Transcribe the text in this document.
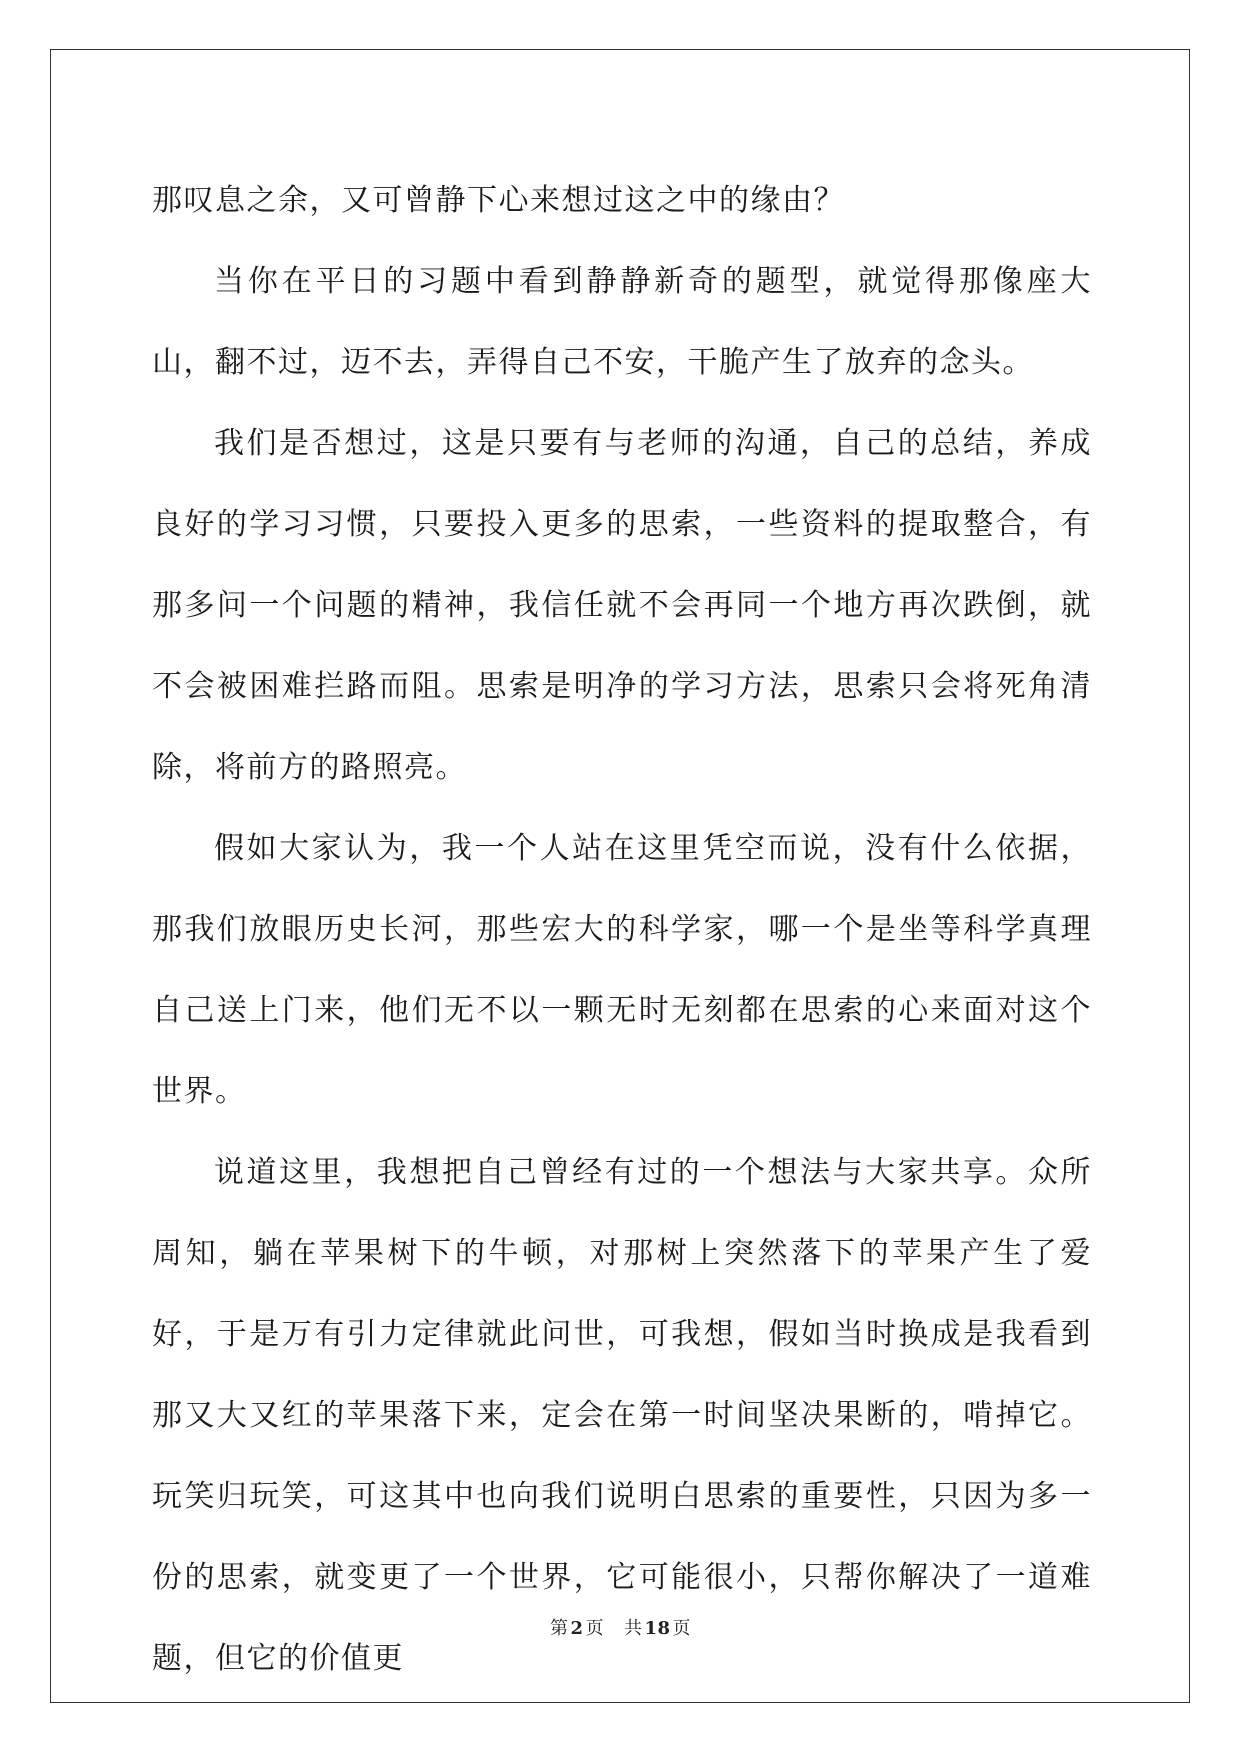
那叹息之余，又可曾静下心来想过这之中的缘由？

当你在平日的习题中看到静静新奇的题型，就觉得那像座大山，翻不过，迈不去，弄得自己不安，干脆产生了放弃的念头。

我们是否想过，这是只要有与老师的沟通，自己的总结，养成良好的学习习惯，只要投入更多的思索，一些资料的提取整合，有那多问一个问题的精神，我信任就不会再同一个地方再次跌倒，就不会被困难拦路而阻。思索是明净的学习方法，思索只会将死角清除，将前方的路照亮。

假如大家认为，我一个人站在这里凭空而说，没有什么依据，那我们放眼历史长河，那些宏大的科学家，哪一个是坐等科学真理自己送上门来，他们无不以一颗无时无刻都在思索的心来面对这个世界。

说道这里，我想把自己曾经有过的一个想法与大家共享。众所周知，躺在苹果树下的牛顿，对那树上突然落下的苹果产生了爱好，于是万有引力定律就此问世，可我想，假如当时换成是我看到那又大又红的苹果落下来，定会在第一时间坚决果断的，啃掉它。玩笑归玩笑，可这其中也向我们说明白思索的重要性，只因为多一份的思索，就变更了一个世界，它可能很小，只帮你解决了一道难题，但它的价值更

第 2 页 共 18 页
